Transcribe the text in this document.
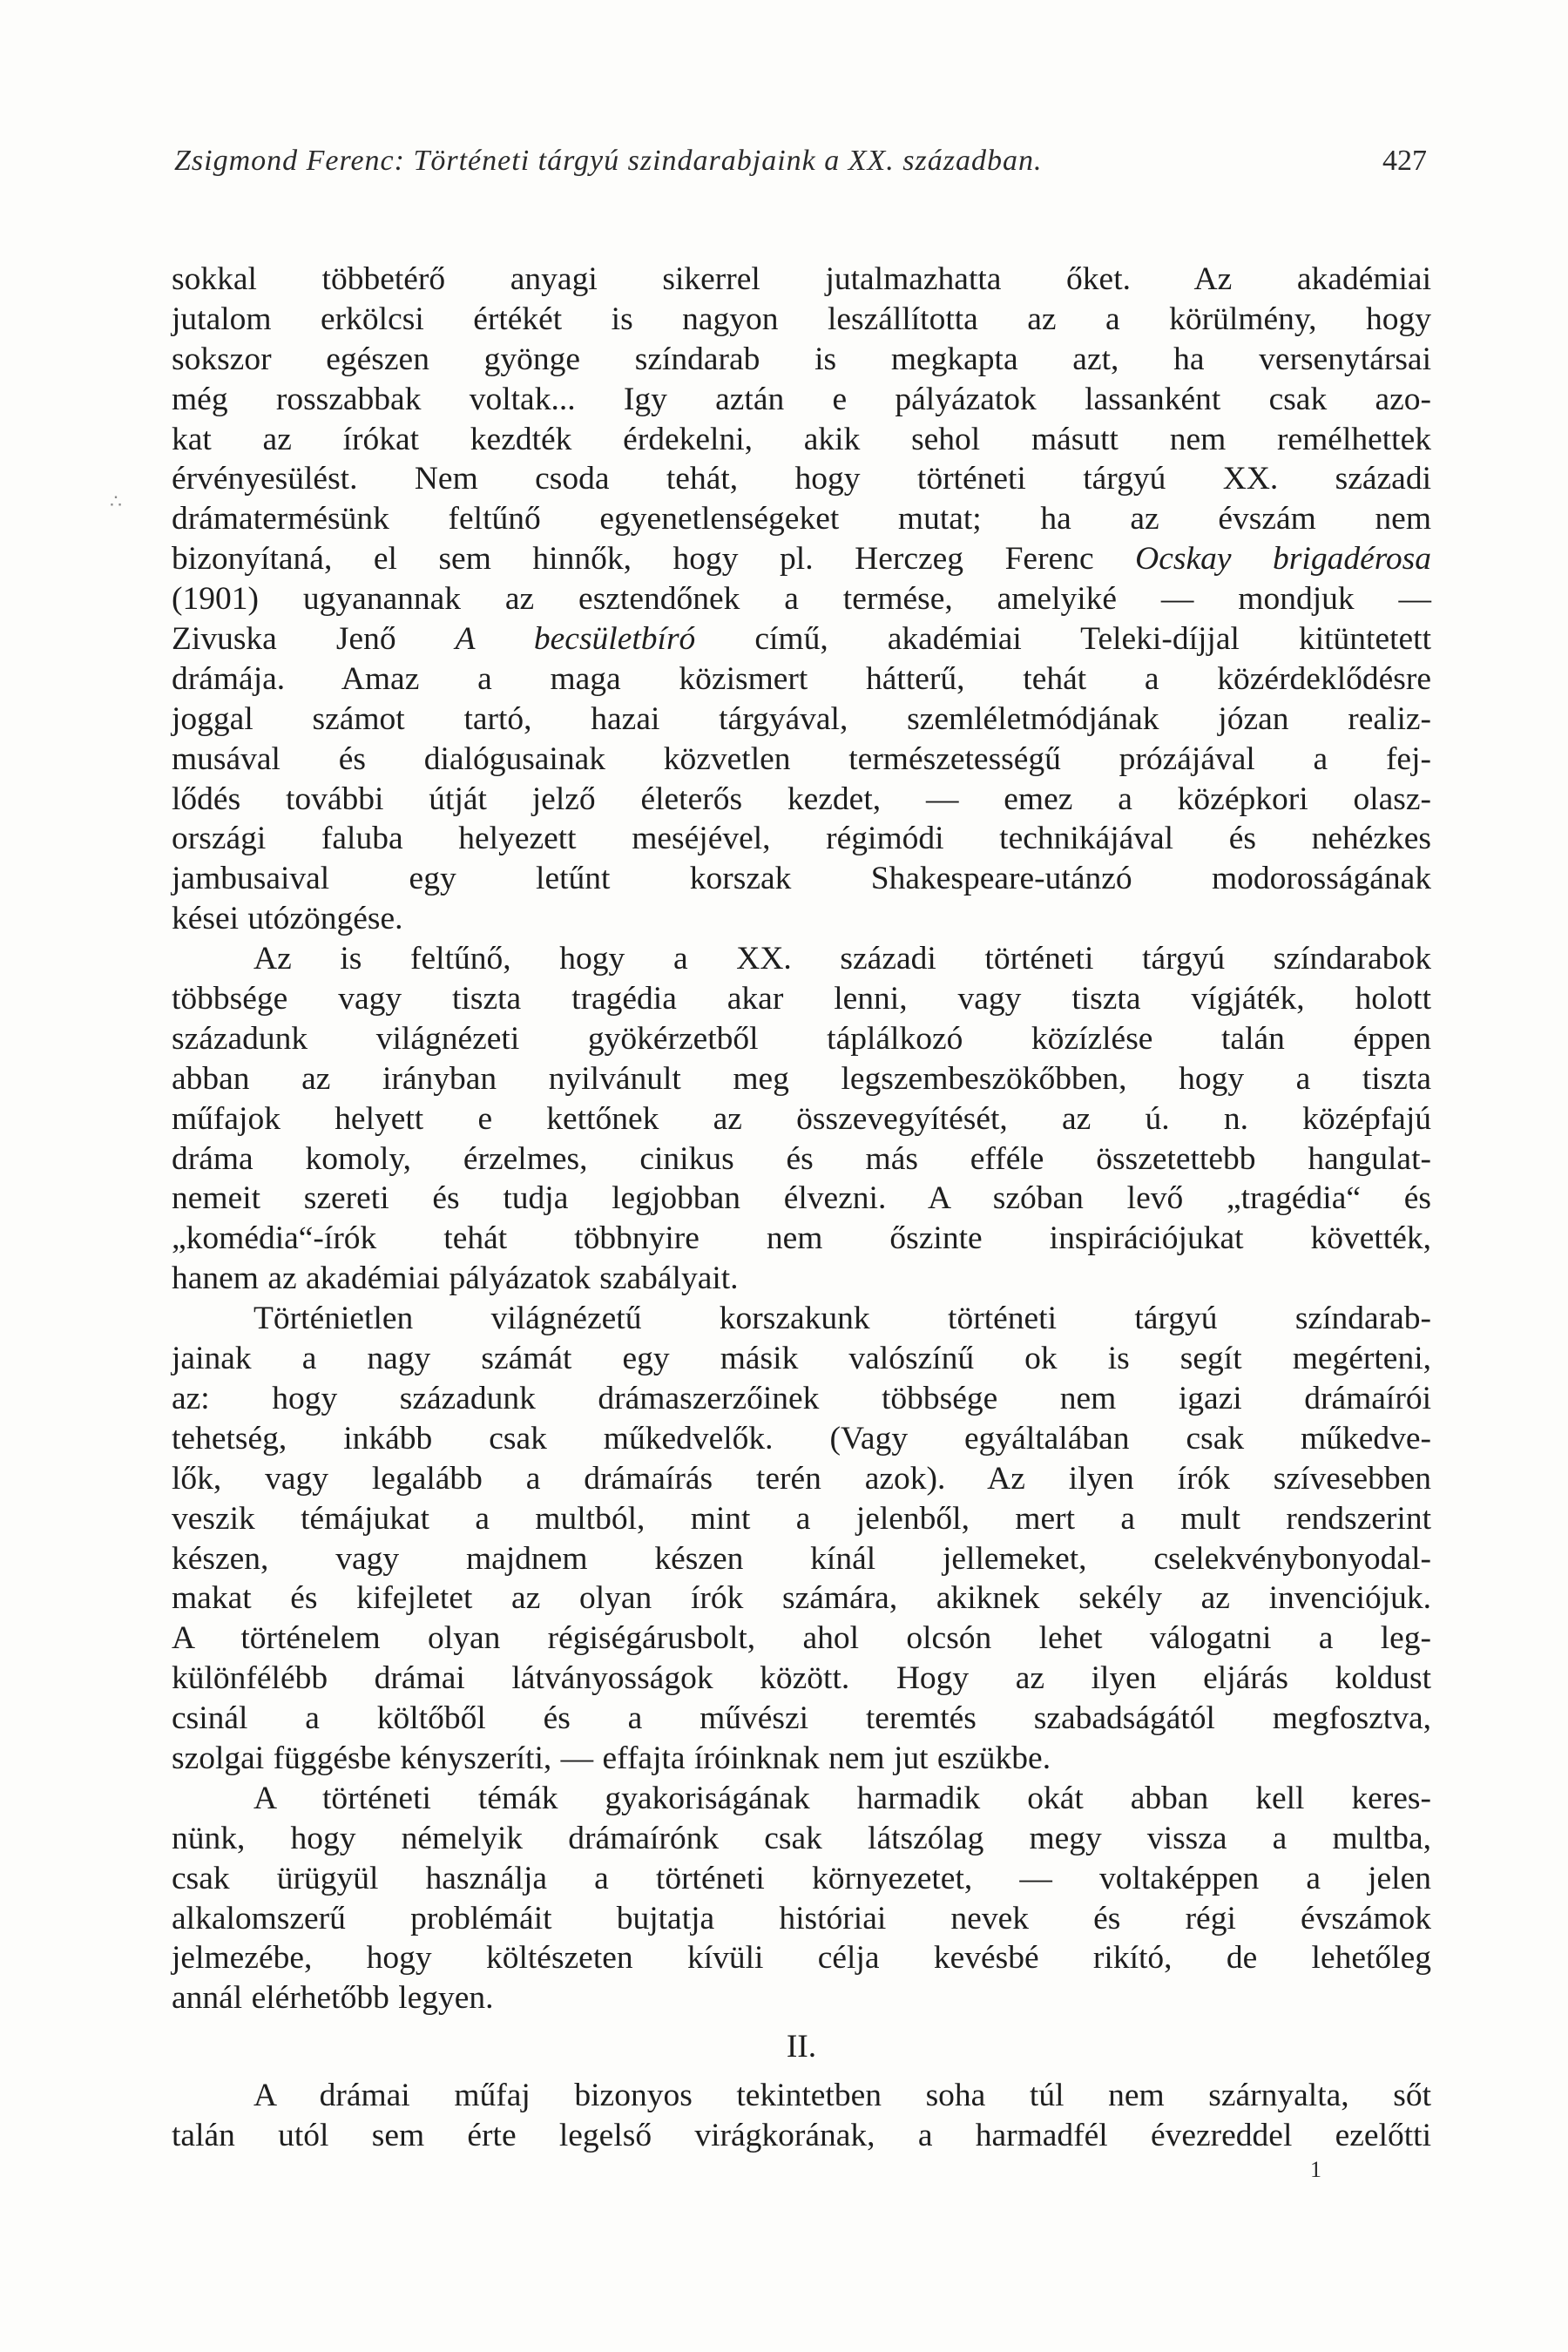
Zsigmond Ferenc: Történeti tárgyú szindarabjaink a XX. században.	427
∴
sokkal többetérő anyagi sikerrel jutalmazhatta őket. Az akadémiai
jutalom erkölcsi értékét is nagyon leszállította az a körülmény, hogy
sokszor egészen gyönge színdarab is megkapta azt, ha versenytársai
még rosszabbak voltak... Igy aztán e pályázatok lassanként csak azo-
kat az írókat kezdték érdekelni, akik sehol másutt nem remélhettek
érvényesülést. Nem csoda tehát, hogy történeti tárgyú XX. századi
drámatermésünk feltűnő egyenetlenségeket mutat; ha az évszám nem
bizonyítaná, el sem hinnők, hogy pl. Herczeg Ferenc Ocskay brigadérosa
(1901) ugyanannak az esztendőnek a termése, amelyiké — mondjuk —
Zivuska Jenő A becsületbíró című, akadémiai Teleki-díjjal kitüntetett
drámája. Amaz a maga közismert hátterű, tehát a közérdeklődésre
joggal számot tartó, hazai tárgyával, szemléletmódjának józan realiz-
musával és dialógusainak közvetlen természetességű prózájával a fej-
lődés további útját jelző életerős kezdet, — emez a középkori olasz-
országi faluba helyezett meséjével, régimódi technikájával és nehézkes
jambusaival egy letűnt korszak Shakespeare-utánzó modorosságának
kései utózöngése.
Az is feltűnő, hogy a XX. századi történeti tárgyú színdarabok
többsége vagy tiszta tragédia akar lenni, vagy tiszta vígjáték, holott
századunk világnézeti gyökérzetből táplálkozó közízlése talán éppen
abban az irányban nyilvánult meg legszembeszökőbben, hogy a tiszta
műfajok helyett e kettőnek az összevegyítését, az ú. n. középfajú
dráma komoly, érzelmes, cinikus és más efféle összetettebb hangulat-
nemeit szereti és tudja legjobban élvezni. A szóban levő „tragédia“ és
„komédia“-írók tehát többnyire nem őszinte inspirációjukat követték,
hanem az akadémiai pályázatok szabályait.
Történietlen világnézetű korszakunk történeti tárgyú színdarab-
jainak a nagy számát egy másik valószínű ok is segít megérteni,
az: hogy századunk drámaszerzőinek többsége nem igazi drámaírói
tehetség, inkább csak műkedvelők. (Vagy egyáltalában csak műkedve-
lők, vagy legalább a drámaírás terén azok). Az ilyen írók szívesebben
veszik témájukat a multból, mint a jelenből, mert a mult rendszerint
készen, vagy majdnem készen kínál jellemeket, cselekvénybonyodal-
makat és kifejletet az olyan írók számára, akiknek sekély az invenciójuk.
A történelem olyan régiségárusbolt, ahol olcsón lehet válogatni a leg-
különfélébb drámai látványosságok között. Hogy az ilyen eljárás koldust
csinál a költőből és a művészi teremtés szabadságától megfosztva,
szolgai függésbe kényszeríti, — effajta íróinknak nem jut eszükbe.
A történeti témák gyakoriságának harmadik okát abban kell keres-
nünk, hogy némelyik drámaírónk csak látszólag megy vissza a multba,
csak ürügyül használja a történeti környezetet, — voltaképpen a jelen
alkalomszerű problémáit bujtatja históriai nevek és régi évszámok
jelmezébe, hogy költészeten kívüli célja kevésbé rikító, de lehetőleg
annál elérhetőbb legyen.
II.
A drámai műfaj bizonyos tekintetben soha túl nem szárnyalta, sőt
talán utól sem érte legelső virágkorának, a harmadfél évezreddel ezelőtti
1
